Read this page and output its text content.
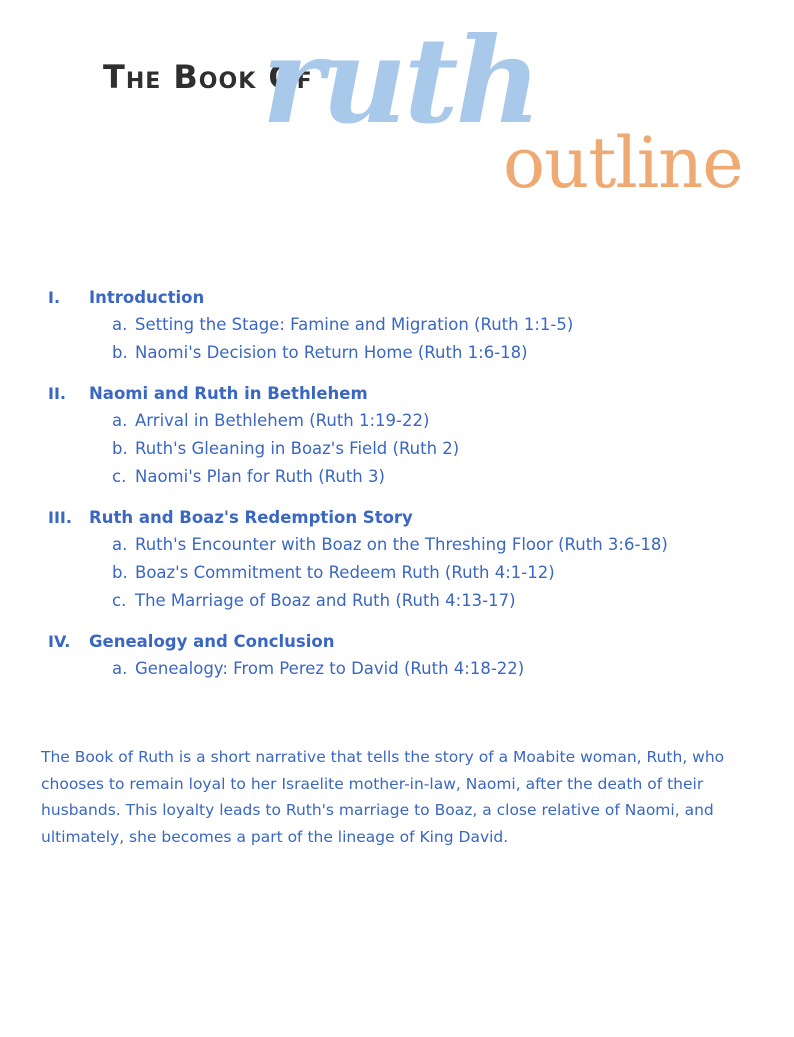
The Book Of
ruth
outline
I.	Introduction
a. Setting the Stage: Famine and Migration (Ruth 1:1-5)
b. Naomi's Decision to Return Home (Ruth 1:6-18)
II.	Naomi and Ruth in Bethlehem
a. Arrival in Bethlehem (Ruth 1:19-22)
b. Ruth's Gleaning in Boaz's Field (Ruth 2)
c. Naomi's Plan for Ruth (Ruth 3)
III.	Ruth and Boaz's Redemption Story
a. Ruth's Encounter with Boaz on the Threshing Floor (Ruth 3:6-18)
b. Boaz's Commitment to Redeem Ruth (Ruth 4:1-12)
c. The Marriage of Boaz and Ruth (Ruth 4:13-17)
IV.	Genealogy and Conclusion
a. Genealogy: From Perez to David (Ruth 4:18-22)

The Book of Ruth is a short narrative that tells the story of a Moabite woman, Ruth, who chooses to remain loyal to her Israelite mother-in-law, Naomi, after the death of their husbands. This loyalty leads to Ruth's marriage to Boaz, a close relative of Naomi, and ultimately, she becomes a part of the lineage of King David.
